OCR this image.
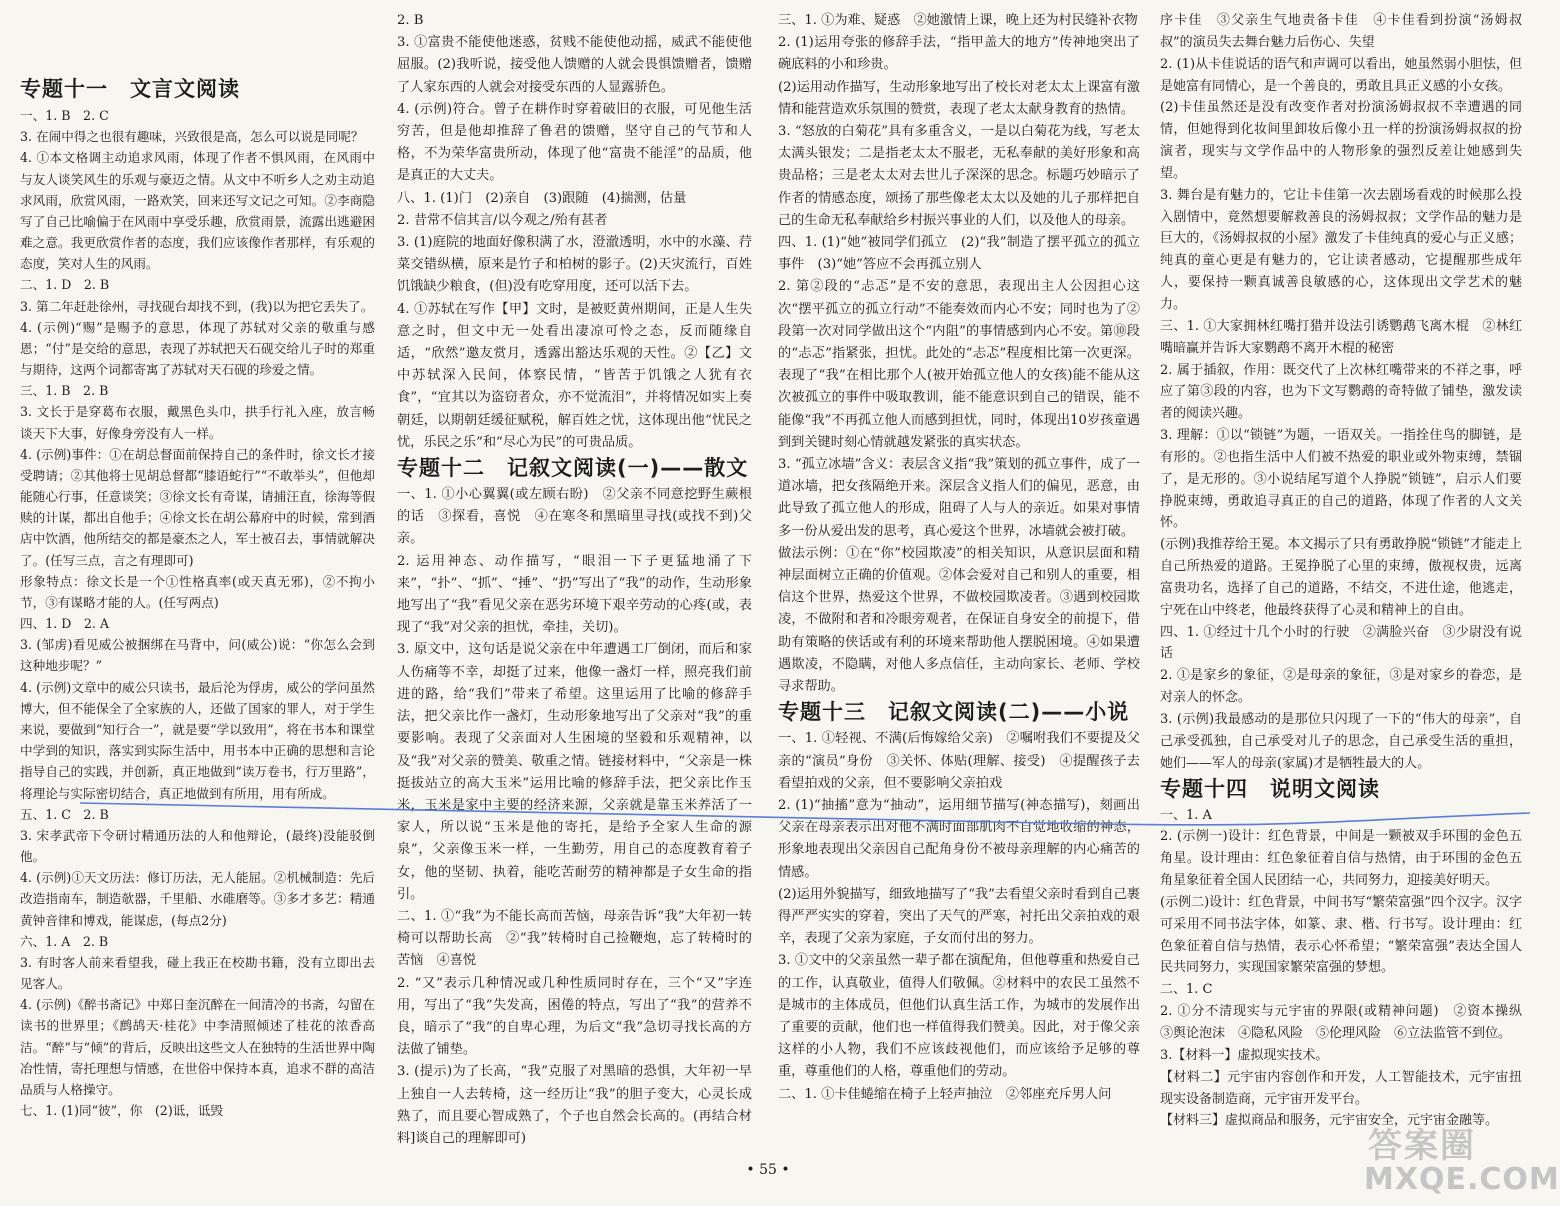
专题十一　文言文阅读

一、1. B　2. C

3. 在闹中得之也很有趣味，兴致很是高，怎么可以说是同呢？

4. ①本文格调主动追求风雨，体现了作者不惧风雨，在风雨中与友人谈笑风生的乐观与豪迈之情。从文中不听乡人之劝主动追求风雨，欣赏风雨，一路欢笑，回来还写文记之可知。②李商隐写了自己比喻偏于在风雨中享受乐趣，欣赏雨景，流露出逃避困难之意。我更欣赏作者的态度，我们应该像作者那样，有乐观的态度，笑对人生的风雨。

二、1. D　2. B

3. 第二年赶赴徐州，寻找砚台却找不到，(我)以为把它丢失了。

4. (示例)“赐”是赐予的意思，体现了苏轼对父亲的敬重与感恩；“付”是交给的意思，表现了苏轼把天石砚交给儿子时的郑重与期待，这两个词都寄寓了苏轼对天石砚的珍爱之情。

三、1. B　2. B

3. 文长于是穿葛布衣服，戴黑色头巾，拱手行礼入座，放言畅谈天下大事，好像身旁没有人一样。

4. (示例)事件：①在胡总督面前保持自己的条件时，徐文长才接受聘请；②其他将士见胡总督都“膝语蛇行”“不敢举头”，但他却能随心行事，任意谈笑；③徐文长有奇谋，请捕汪直，徐海等假赎的计谋，都出自他手；④徐文长在胡公幕府中的时候，常到酒店中饮酒，他所结交的都是豪杰之人，军士被召去，事情就解决了。(任写三点，言之有理即可)

形象特点：徐文长是一个①性格真率(或天真无邪)，②不拘小节，③有谋略才能的人。(任写两点)

四、1. D　2. A

3. (邹虏)看见威公被捆绑在马背中，问(威公)说：“你怎么会到这种地步呢？”

4. (示例)文章中的威公只读书，最后沦为俘虏，威公的学问虽然博大，但不能保全了全家族的人，还做了国家的罪人，对于学生来说，要做到“知行合一”，就是要“学以致用”，将在书本和课堂中学到的知识，落实到实际生活中，用书本中正确的思想和言论指导自己的实践，并创新，真正地做到“读万卷书，行万里路”，将理论与实际密切结合，真正地做到有所用，用有所成。

五、1. C　2. B

3. 宋孝武帝下令研讨精通历法的人和他辩论，(最终)没能驳倒他。

4. (示例)①天文历法：修订历法，无人能屈。②机械制造：先后改造指南车，制造欹器，千里船、水碓磨等。③多才多艺：精通黄钟音律和博戏，能谋虑，(每点2分)

六、1. A　2. B

3. 有时客人前来看望我，碰上我正在校勘书籍，没有立即出去见客人。

4. (示例)《醉书斋记》中郑日奎沉醉在一间清冷的书斋，勾留在读书的世界里；《鹧鸪天·桂花》中李清照倾述了桂花的浓香高洁。“醉”与“倾”的背后，反映出这些文人在独特的生活世界中陶冶性情，寄托理想与情感，在世俗中保持本真，追求不群的高洁品质与人格操守。

七、1. (1)同“彼”，你　(2)诋，诋毁

2. B

3. ①富贵不能使他迷惑，贫贱不能使他动摇，威武不能使他屈服。(2)我听说，接受他人馈赠的人就会畏惧馈赠者，馈赠了人家东西的人就会对接受东西的人显露骄色。

4. (示例)符合。曾子在耕作时穿着破旧的衣服，可见他生活穷苦，但是他却推辞了鲁君的馈赠，坚守自己的气节和人格，不为荣华富贵所动，体现了他“富贵不能淫”的品质，他是真正的大丈夫。

八、1. (1)门　(2)亲自　(3)跟随　(4)揣测，估量

2. 昔常不信其言/以今观之/殆有甚者

3. (1)庭院的地面好像积满了水，澄澈透明，水中的水藻、荇菜交错纵横，原来是竹子和柏树的影子。(2)天灾流行，百姓饥饿缺少粮食，(但)没有吃穿用度，还可以活下去。

4. ①苏轼在写作【甲】文时，是被贬黄州期间，正是人生失意之时，但文中无一处看出凄凉可怜之态，反而随缘自适，“欣然”邀友赏月，透露出豁达乐观的天性。②【乙】文中苏轼深入民间，体察民情，“皆苦于饥饿之人犹有衣食”，“宜其以为盗窃者众，亦不觉流泪”，并将情况如实上奏朝廷，以期朝廷缓征赋税，解百姓之忧，这体现出他“忧民之忧，乐民之乐”和“尽心为民”的可贵品质。

专题十二　记叙文阅读(一)——散文

一、1. ①小心翼翼(或左顾右盼)　②父亲不同意挖野生蕨根的话　③探看，喜悦　④在寒冬和黑暗里寻找(或找不到)父亲。

2. 运用神态、动作描写，“眼泪一下子更猛地涌了下来”，“扑”、“抓”、“捶”、“扔”写出了“我”的动作，生动形象地写出了“我”看见父亲在恶劣环境下艰辛劳动的心疼(或，表现了“我”对父亲的担忧，牵挂，关切)。

3. 原文中，这句话是说父亲在中年遭遇工厂倒闭，而后和家人伤痛等不幸，却挺了过来，他像一盏灯一样，照亮我们前进的路，给“我们”带来了希望。这里运用了比喻的修辞手法，把父亲比作一盏灯，生动形象地写出了父亲对“我”的重要影响。表现了父亲面对人生困境的坚毅和乐观精神，以及“我”对父亲的赞美、敬重之情。链接材料中，“父亲是一株挺拔站立的高大玉米”运用比喻的修辞手法，把父亲比作玉米，玉米是家中主要的经济来源，父亲就是靠玉米养活了一家人，所以说“玉米是他的寄托，是给予全家人生命的源泉”，父亲像玉米一样，一生勤劳，用自己的态度教育着子女，他的坚韧、执着，能吃苦耐劳的精神都是子女生命的指引。

二、1. ①“我”为不能长高而苦恼，母亲告诉“我”大年初一转椅可以帮助长高　②“我”转椅时自己捡鞭炮，忘了转椅时的苦恼　④喜悦

2. “又”表示几种情况或几种性质同时存在，三个“又”字连用，写出了“我”失发高，困倦的特点，写出了“我”的营养不良，暗示了“我”的自卑心理，为后文“我”急切寻找长高的方法做了铺垫。

3. (提示)为了长高，“我”克服了对黑暗的恐惧，大年初一早上独自一人去转椅，这一经历让“我”的胆子变大，心灵长成熟了，而且要心智成熟了，个子也自然会长高的。(再结合材料]谈自己的理解即可)

三、1. ①为难、疑惑　②她激情上课，晚上还为村民缝补衣物

2. (1)运用夸张的修辞手法，“指甲盖大的地方”传神地突出了碗底料的小和珍贵。

(2)运用动作描写，生动形象地写出了校长对老太太上课富有激情和能营造欢乐氛围的赞赏，表现了老太太献身教育的热情。

3. “怒放的白菊花”具有多重含义，一是以白菊花为线，写老太太满头银发；二是指老太太不服老，无私奉献的美好形象和高贵品格；三是老太太对去世儿子深深的思念。标题巧妙暗示了作者的情感态度，颂扬了那些像老太太以及她的儿子那样把自己的生命无私奉献给乡村振兴事业的人们，以及他人的母亲。

四、1. (1)“她”被同学们孤立　(2)“我”制造了摆平孤立的孤立事件　(3)“她”答应不会再孤立别人

2. 第②段的“忐忑”是不安的意思，表现出主人公因担心这次“摆平孤立的孤立行动”不能奏效而内心不安；同时也为了②段第一次对同学做出这个“内阻”的事情感到内心不安。第⑩段的“忐忑”指紧张，担忧。此处的“忐忑”程度相比第一次更深。表现了“我”在相比那个人(被开始孤立他人的女孩)能不能从这次被孤立的事件中吸取教训，能不能意识到自己的错误，能不能像“我”不再孤立他人而感到担忧，同时，体现出10岁孩童遇到到关键时刻心情就越发紧张的真实状态。

3. “孤立冰墙”含义：表层含义指“我”策划的孤立事件，成了一道冰墙，把女孩隔绝开来。深层含义指人们的偏见，恶意，由此导致了孤立他人的形成，阻碍了人与人的亲近。如果对事情多一份从爱出发的思考，真心爱这个世界，冰墙就会被打破。

做法示例：①在“你”校园欺凌”的相关知识，从意识层面和精神层面树立正确的价值观。②体会爱对自己和别人的重要，相信这个世界，热爱这个世界，不做校园欺凌者。③遇到校园欺凌，不做附和者和冷眼旁观者，在保证自身安全的前提下，借助有策略的侠话或有利的环境来帮助他人摆脱困境。④如果遭遇欺凌，不隐瞒，对他人多点信任，主动向家长、老师、学校寻求帮助。

专题十三　记叙文阅读(二)——小说

一、1. ①轻视、不满(后悔嫁给父亲)　②嘱咐我们不要提及父亲的“演员”身份　③关怀、体贴(理解、接受)　④提醒孩子去看望拍戏的父亲，但不要影响父亲拍戏

2. (1)“抽搐”意为“抽动”，运用细节描写(神态描写)，刻画出父亲在母亲表示出对他不满时面部肌肉不自觉地收缩的神态，形象地表现出父亲因自己配角身份不被母亲理解的内心痛苦的情感。

(2)运用外貌描写，细致地描写了“我”去看望父亲时看到自己裹得严严实实的穿着，突出了天气的严寒，衬托出父亲拍戏的艰辛，表现了父亲为家庭，子女而付出的努力。

3. ①文中的父亲虽然一辈子都在演配角，但他尊重和热爱自己的工作，认真敬业，值得人们敬佩。②材料中的农民工虽然不是城市的主体成员，但他们认真生活工作，为城市的发展作出了重要的贡献，他们也一样值得我们赞美。因此，对于像父亲这样的小人物，我们不应该歧视他们，而应该给予足够的尊重，尊重他们的人格，尊重他们的劳动。

二、1. ①卡佳蜷缩在椅子上轻声抽泣　②邻座充斥男人问

序卡佳　③父亲生气地责备卡佳　④卡佳看到扮演“汤姆叔叔”的演员失去舞台魅力后伤心、失望

2. (1)从卡佳说话的语气和声调可以看出，她虽然弱小胆怯，但是她富有同情心，是一个善良的，勇敢且具正义感的小女孩。

(2)卡佳虽然还是没有改变作者对扮演汤姆叔叔不幸遭遇的同情，但她得到化妆间里卸妆后像小丑一样的扮演汤姆叔叔的扮演者，现实与文学作品中的人物形象的强烈反差让她感到失望。

3. 舞台是有魅力的，它让卡佳第一次去剧场看戏的时候那么投入剧情中，竟然想要解救善良的汤姆叔叔；文学作品的魅力是巨大的，《汤姆叔叔的小屋》激发了卡佳纯真的爱心与正义感；纯真的童心更是有魅力的，它让读者感动，它提醒那些成年人，要保持一颗真诚善良敏感的心，这体现出文学艺术的魅力。

三、1. ①大家拥林红嘴打猎并设法引诱鹦鹉飞离木棍　②林红嘴暗赢并告诉大家鹦鹉不离开木棍的秘密

2. 属于插叙，作用：既交代了上次林红嘴带来的不祥之事，呼应了第③段的内容，也为下文写鹦鹉的奇特做了铺垫，激发读者的阅读兴趣。

3. 理解：①以“锁链”为题，一语双关。一指拴住鸟的脚链，是有形的。②也指生活中人们被不热爱的职业或外物束缚，禁锢了，是无形的。③小说结尾写道个人挣脱“锁链”，启示人们要挣脱束缚，勇敢追寻真正的自己的道路，体现了作者的人文关怀。

(示例)我推荐给王冕。本文揭示了只有勇敢挣脱“锁链”才能走上自己所热爱的道路。王冕挣脱了心里的束缚，傲视权贵，远离富贵功名，选择了自己的道路，不结交，不进仕途，他逃走，宁死在山中终老，他最终获得了心灵和精神上的自由。

四、1. ①经过十几个小时的行驶　②满脸兴奋　③少尉没有说话

2. ①是家乡的象征，②是母亲的象征，③是对家乡的眷恋，是对亲人的怀念。

3. (示例)我最感动的是那位只闪现了一下的“伟大的母亲”，自己承受孤独，自己承受对儿子的思念，自己承受生活的重担，她们——军人的母亲(家属)才是牺牲最大的人。

专题十四　说明文阅读

一、1. A

2. (示例一)设计：红色背景，中间是一颗被双手环围的金色五角星。设计理由：红色象征着自信与热情，由于环围的金色五角星象征着全国人民团结一心，共同努力，迎接美好明天。

(示例二)设计：红色背景，中间书写“繁荣富强”四个汉字。汉字可采用不同书法字体，如篆、隶、楷、行书写。设计理由：红色象征着自信与热情，表示心怀希望；“繁荣富强”表达全国人民共同努力，实现国家繁荣富强的梦想。

二、1. C

2. ①分不清现实与元宇宙的界限(或精神问题)　②资本操纵　③舆论泡沫　④隐私风险　⑤伦理风险　⑥立法监管不到位。

3.【材料一】虚拟现实技术。

【材料二】元宇宙内容创作和开发，人工智能技术，元宇宙扭现实设备制造商，元宇宙开发平台。

【材料三】虚拟商品和服务，元宇宙安全，元宇宙金融等。

• 55 •
答案圈
MXQE.COM
